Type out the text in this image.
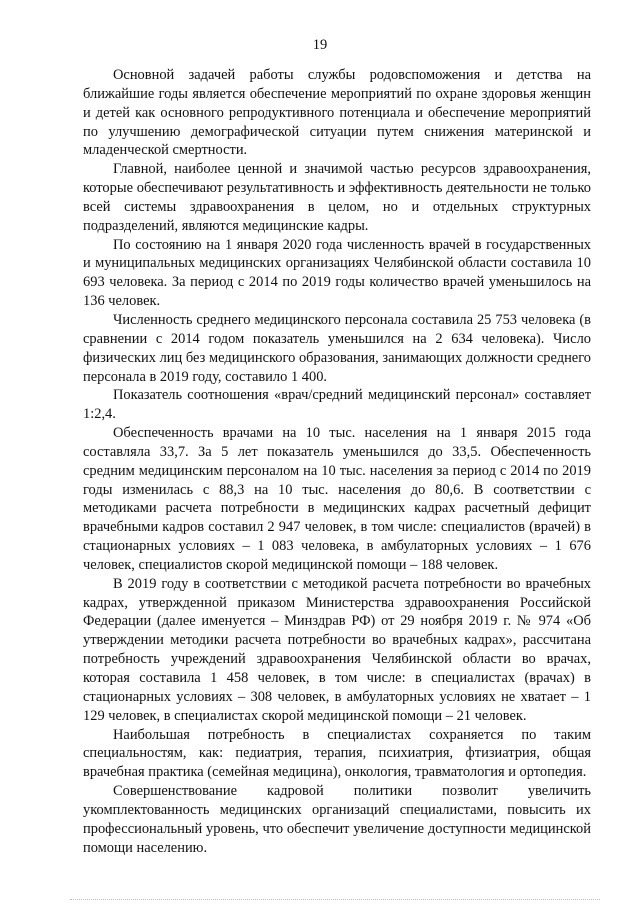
19

Основной задачей работы службы родовспоможения и детства на ближайшие годы является обеспечение мероприятий по охране здоровья женщин и детей как основного репродуктивного потенциала и обеспечение мероприятий по улучшению демографической ситуации путем снижения материнской и младенческой смертности.

Главной, наиболее ценной и значимой частью ресурсов здравоохранения, которые обеспечивают результативность и эффективность деятельности не только всей системы здравоохранения в целом, но и отдельных структурных подразделений, являются медицинские кадры.

По состоянию на 1 января 2020 года численность врачей в государственных и муниципальных медицинских организациях Челябинской области составила 10 693 человека. За период с 2014 по 2019 годы количество врачей уменьшилось на 136 человек.

Численность среднего медицинского персонала составила 25 753 человека (в сравнении с 2014 годом показатель уменьшился на 2 634 человека). Число физических лиц без медицинского образования, занимающих должности среднего персонала в 2019 году, составило 1 400.

Показатель соотношения «врач/средний медицинский персонал» составляет 1:2,4.

Обеспеченность врачами на 10 тыс. населения на 1 января 2015 года составляла 33,7. За 5 лет показатель уменьшился до 33,5. Обеспеченность средним медицинским персоналом на 10 тыс. населения за период с 2014 по 2019 годы изменилась с 88,3 на 10 тыс. населения до 80,6. В соответствии с методиками расчета потребности в медицинских кадрах расчетный дефицит врачебными кадров составил 2 947 человек, в том числе: специалистов (врачей) в стационарных условиях – 1 083 человека, в амбулаторных условиях – 1 676 человек, специалистов скорой медицинской помощи – 188 человек.

В 2019 году в соответствии с методикой расчета потребности во врачебных кадрах, утвержденной приказом Министерства здравоохранения Российской Федерации (далее именуется – Минздрав РФ) от 29 ноября 2019 г. № 974 «Об утверждении методики расчета потребности во врачебных кадрах», рассчитана потребность учреждений здравоохранения Челябинской области во врачах, которая составила 1 458 человек, в том числе: в специалистах (врачах) в стационарных условиях – 308 человек, в амбулаторных условиях не хватает – 1 129 человек, в специалистах скорой медицинской помощи – 21 человек.

Наибольшая потребность в специалистах сохраняется по таким специальностям, как: педиатрия, терапия, психиатрия, фтизиатрия, общая врачебная практика (семейная медицина), онкология, травматология и ортопедия.

Совершенствование кадровой политики позволит увеличить укомплектованность медицинских организаций специалистами, повысить их профессиональный уровень, что обеспечит увеличение доступности медицинской помощи населению.
